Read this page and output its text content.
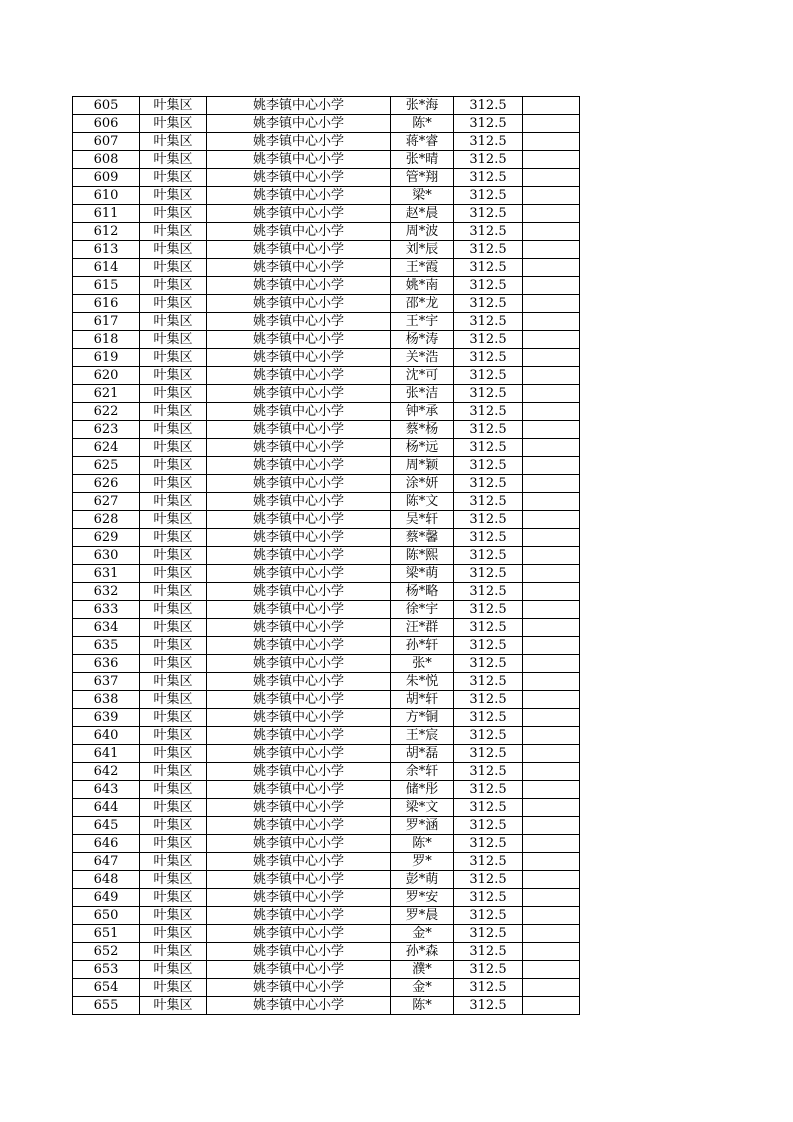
605	叶集区	姚李镇中心小学	张*海	312.5	
606	叶集区	姚李镇中心小学	陈*	312.5	
607	叶集区	姚李镇中心小学	蒋*睿	312.5	
608	叶集区	姚李镇中心小学	张*晴	312.5	
609	叶集区	姚李镇中心小学	管*翔	312.5	
610	叶集区	姚李镇中心小学	梁*	312.5	
611	叶集区	姚李镇中心小学	赵*晨	312.5	
612	叶集区	姚李镇中心小学	周*波	312.5	
613	叶集区	姚李镇中心小学	刘*辰	312.5	
614	叶集区	姚李镇中心小学	王*霞	312.5	
615	叶集区	姚李镇中心小学	姚*南	312.5	
616	叶集区	姚李镇中心小学	邵*龙	312.5	
617	叶集区	姚李镇中心小学	王*宇	312.5	
618	叶集区	姚李镇中心小学	杨*涛	312.5	
619	叶集区	姚李镇中心小学	关*浩	312.5	
620	叶集区	姚李镇中心小学	沈*可	312.5	
621	叶集区	姚李镇中心小学	张*洁	312.5	
622	叶集区	姚李镇中心小学	钟*承	312.5	
623	叶集区	姚李镇中心小学	蔡*杨	312.5	
624	叶集区	姚李镇中心小学	杨*远	312.5	
625	叶集区	姚李镇中心小学	周*颖	312.5	
626	叶集区	姚李镇中心小学	涂*妍	312.5	
627	叶集区	姚李镇中心小学	陈*文	312.5	
628	叶集区	姚李镇中心小学	吴*轩	312.5	
629	叶集区	姚李镇中心小学	蔡*馨	312.5	
630	叶集区	姚李镇中心小学	陈*熙	312.5	
631	叶集区	姚李镇中心小学	梁*萌	312.5	
632	叶集区	姚李镇中心小学	杨*略	312.5	
633	叶集区	姚李镇中心小学	徐*宇	312.5	
634	叶集区	姚李镇中心小学	汪*群	312.5	
635	叶集区	姚李镇中心小学	孙*轩	312.5	
636	叶集区	姚李镇中心小学	张*	312.5	
637	叶集区	姚李镇中心小学	朱*悦	312.5	
638	叶集区	姚李镇中心小学	胡*轩	312.5	
639	叶集区	姚李镇中心小学	方*铜	312.5	
640	叶集区	姚李镇中心小学	王*宸	312.5	
641	叶集区	姚李镇中心小学	胡*磊	312.5	
642	叶集区	姚李镇中心小学	余*轩	312.5	
643	叶集区	姚李镇中心小学	储*彤	312.5	
644	叶集区	姚李镇中心小学	梁*文	312.5	
645	叶集区	姚李镇中心小学	罗*涵	312.5	
646	叶集区	姚李镇中心小学	陈*	312.5	
647	叶集区	姚李镇中心小学	罗*	312.5	
648	叶集区	姚李镇中心小学	彭*萌	312.5	
649	叶集区	姚李镇中心小学	罗*安	312.5	
650	叶集区	姚李镇中心小学	罗*晨	312.5	
651	叶集区	姚李镇中心小学	金*	312.5	
652	叶集区	姚李镇中心小学	孙*森	312.5	
653	叶集区	姚李镇中心小学	濮*	312.5	
654	叶集区	姚李镇中心小学	金*	312.5	
655	叶集区	姚李镇中心小学	陈*	312.5	
